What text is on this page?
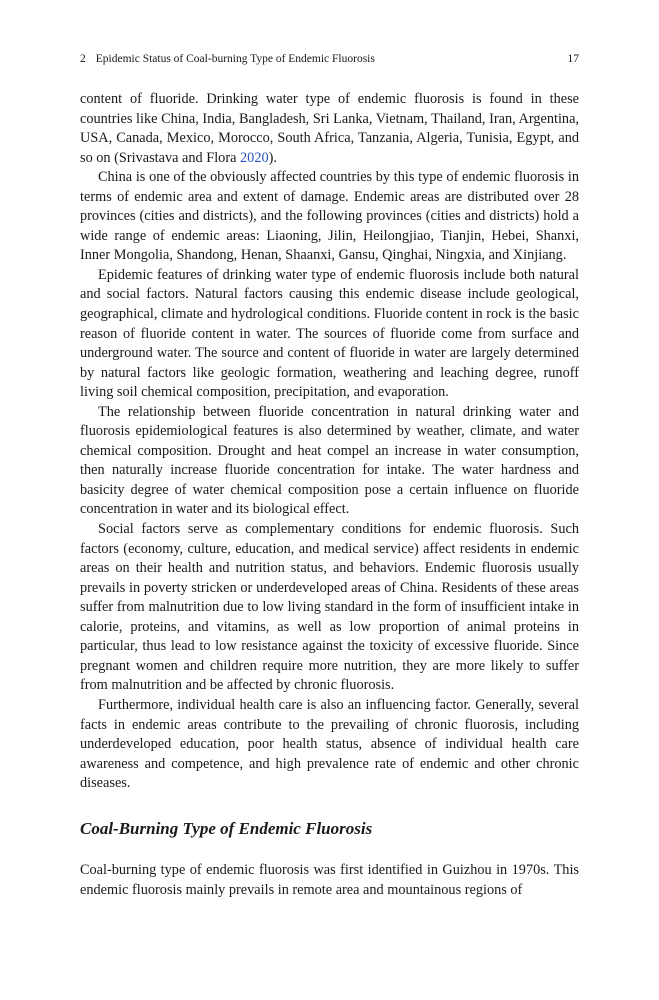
2 Epidemic Status of Coal-burning Type of Endemic Fluorosis	17

content of fluoride. Drinking water type of endemic fluorosis is found in these countries like China, India, Bangladesh, Sri Lanka, Vietnam, Thailand, Iran, Argentina, USA, Canada, Mexico, Morocco, South Africa, Tanzania, Algeria, Tunisia, Egypt, and so on (Srivastava and Flora 2020).

China is one of the obviously affected countries by this type of endemic fluorosis in terms of endemic area and extent of damage. Endemic areas are distributed over 28 provinces (cities and districts), and the following provinces (cities and districts) hold a wide range of endemic areas: Liaoning, Jilin, Heilongjiao, Tianjin, Hebei, Shanxi, Inner Mongolia, Shandong, Henan, Shaanxi, Gansu, Qinghai, Ningxia, and Xinjiang.

Epidemic features of drinking water type of endemic fluorosis include both natural and social factors. Natural factors causing this endemic disease include geological, geographical, climate and hydrological conditions. Fluoride content in rock is the basic reason of fluoride content in water. The sources of fluoride come from surface and underground water. The source and content of fluoride in water are largely determined by natural factors like geologic formation, weathering and leaching degree, runoff living soil chemical composition, precipitation, and evaporation.

The relationship between fluoride concentration in natural drinking water and fluorosis epidemiological features is also determined by weather, climate, and water chemical composition. Drought and heat compel an increase in water consumption, then naturally increase fluoride concentration for intake. The water hardness and basicity degree of water chemical composition pose a certain influence on fluoride concentration in water and its biological effect.

Social factors serve as complementary conditions for endemic fluorosis. Such factors (economy, culture, education, and medical service) affect residents in endemic areas on their health and nutrition status, and behaviors. Endemic fluorosis usually prevails in poverty stricken or underdeveloped areas of China. Residents of these areas suffer from malnutrition due to low living standard in the form of insufficient intake in calorie, proteins, and vitamins, as well as low proportion of animal proteins in particular, thus lead to low resistance against the toxicity of excessive fluoride. Since pregnant women and children require more nutrition, they are more likely to suffer from malnutrition and be affected by chronic fluorosis.

Furthermore, individual health care is also an influencing factor. Generally, several facts in endemic areas contribute to the prevailing of chronic fluorosis, including underdeveloped education, poor health status, absence of individual health care awareness and competence, and high prevalence rate of endemic and other chronic diseases.

Coal-Burning Type of Endemic Fluorosis

Coal-burning type of endemic fluorosis was first identified in Guizhou in 1970s. This endemic fluorosis mainly prevails in remote area and mountainous regions of
